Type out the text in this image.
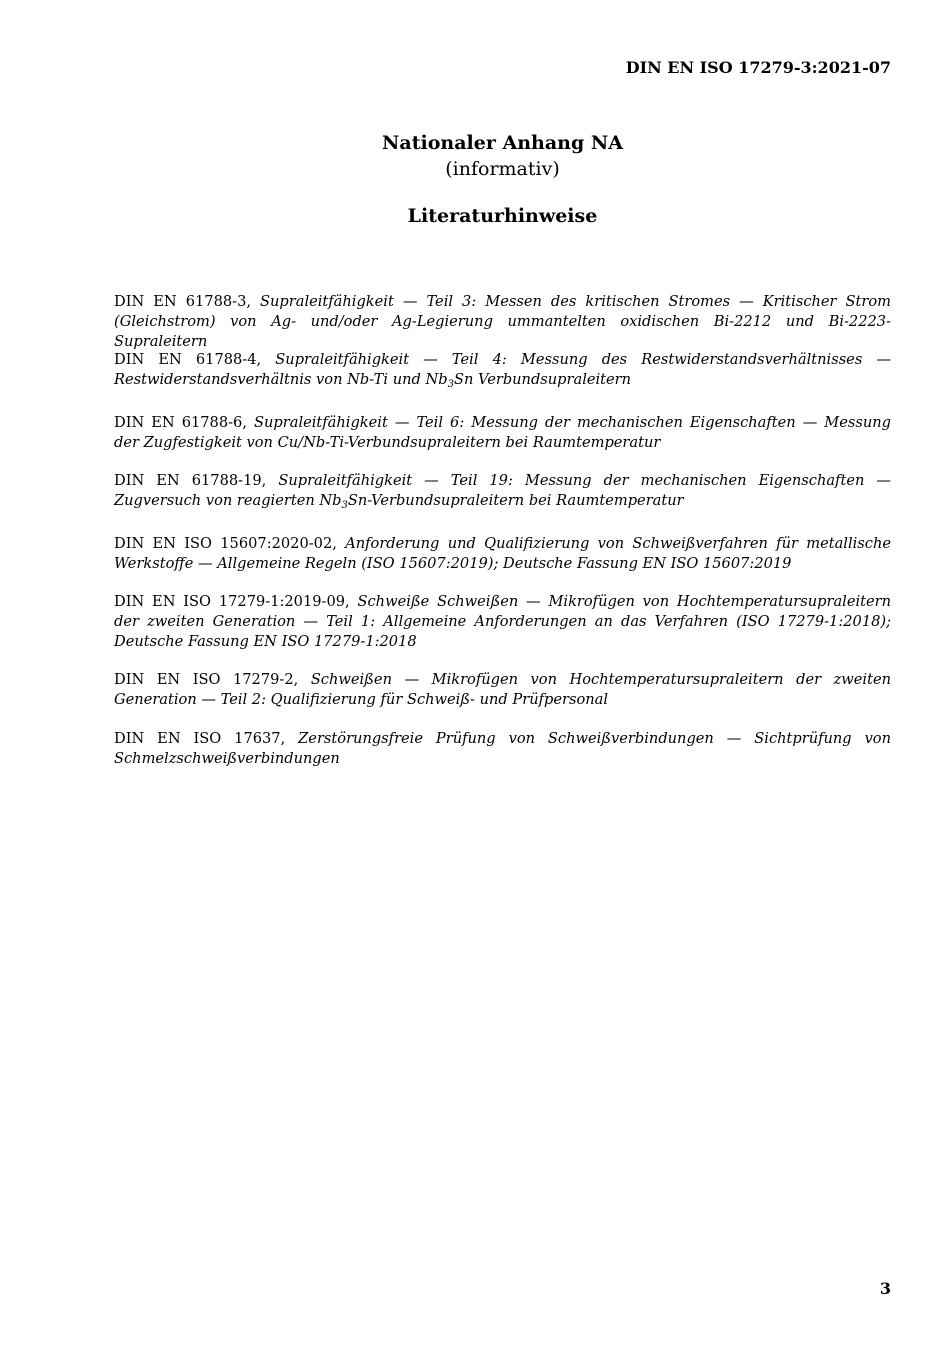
DIN EN ISO 17279-3:2021-07
Nationaler Anhang NA
(informativ)
Literaturhinweise

DIN EN 61788-3, Supraleitfähigkeit — Teil 3: Messen des kritischen Stromes — Kritischer Strom (Gleichstrom) von Ag- und/oder Ag-Legierung ummantelten oxidischen Bi-2212 und Bi-2223-Supraleitern

DIN EN 61788-4, Supraleitfähigkeit — Teil 4: Messung des Restwiderstandsverhältnisses — Restwiderstandsverhältnis von Nb-Ti und $Nb_3Sn$ Verbundsupraleitern

DIN EN 61788-6, Supraleitfähigkeit — Teil 6: Messung der mechanischen Eigenschaften — Messung der Zugfestigkeit von Cu/Nb-Ti-Verbundsupraleitern bei Raumtemperatur

DIN EN 61788-19, Supraleitfähigkeit — Teil 19: Messung der mechanischen Eigenschaften — Zugversuch von reagierten $Nb_3Sn$-Verbundsupraleitern bei Raumtemperatur

DIN EN ISO 15607:2020-02, Anforderung und Qualifizierung von Schweißverfahren für metallische Werkstoffe — Allgemeine Regeln (ISO 15607:2019); Deutsche Fassung EN ISO 15607:2019

DIN EN ISO 17279-1:2019-09, Schweiße Schweißen — Mikrofügen von Hochtemperatursupraleitern der zweiten Generation — Teil 1: Allgemeine Anforderungen an das Verfahren (ISO 17279-1:2018); Deutsche Fassung EN ISO 17279-1:2018

DIN EN ISO 17279-2, Schweißen — Mikrofügen von Hochtemperatursupraleitern der zweiten Generation — Teil 2: Qualifizierung für Schweiß- und Prüfpersonal

DIN EN ISO 17637, Zerstörungsfreie Prüfung von Schweißverbindungen — Sichtprüfung von Schmelzschweißverbindungen

3
